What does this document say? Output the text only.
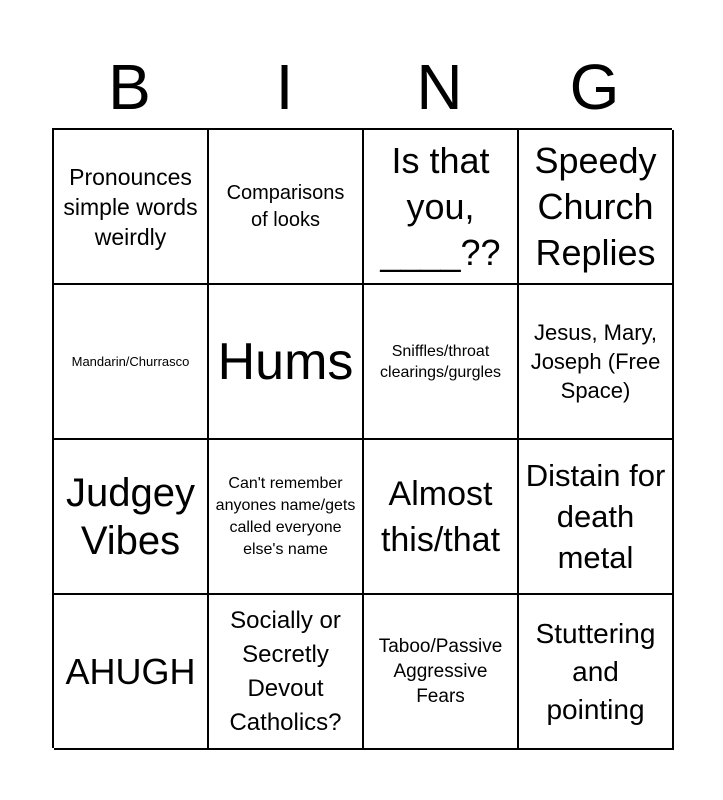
B	I	N	G
Pronounces simple words weirdly
Comparisons of looks
Is that you, ____??
Speedy Church Replies
Mandarin/Churrasco Hums	Sniffles/throat clearings/gurgles
Jesus, Mary, Joseph (Free Space)
Judgey Vibes
Can't remember anyones name/gets called everyone else's name
Almost this/that
Distain for death metal
AHUGH
Socially or Secretly Devout Catholics?
Taboo/Passive Aggressive Fears
Stuttering and pointing
